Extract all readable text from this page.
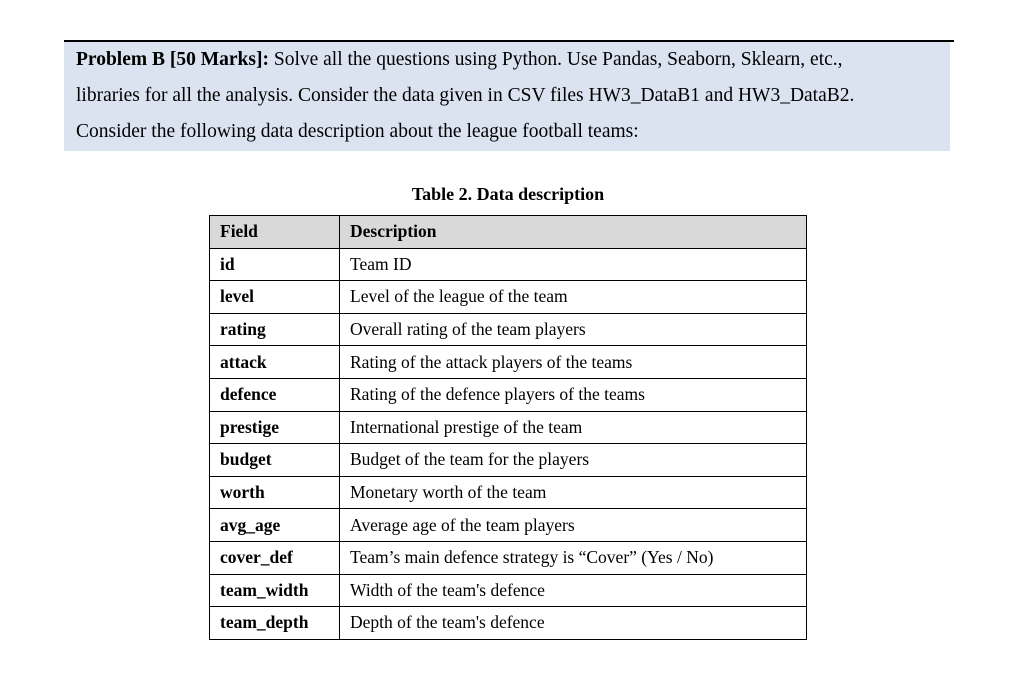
Problem B [50 Marks]: Solve all the questions using Python. Use Pandas, Seaborn, Sklearn, etc.,
libraries for all the analysis. Consider the data given in CSV files HW3_DataB1 and HW3_DataB2.
Consider the following data description about the league football teams:

Table 2. Data description
Field	Description
id	Team ID
level	Level of the league of the team
rating	Overall rating of the team players
attack	Rating of the attack players of the teams
defence	Rating of the defence players of the teams
prestige	International prestige of the team
budget	Budget of the team for the players
worth	Monetary worth of the team
avg_age	Average age of the team players
cover_def	Team’s main defence strategy is “Cover” (Yes / No)
team_width	Width of the team's defence
team_depth	Depth of the team's defence
